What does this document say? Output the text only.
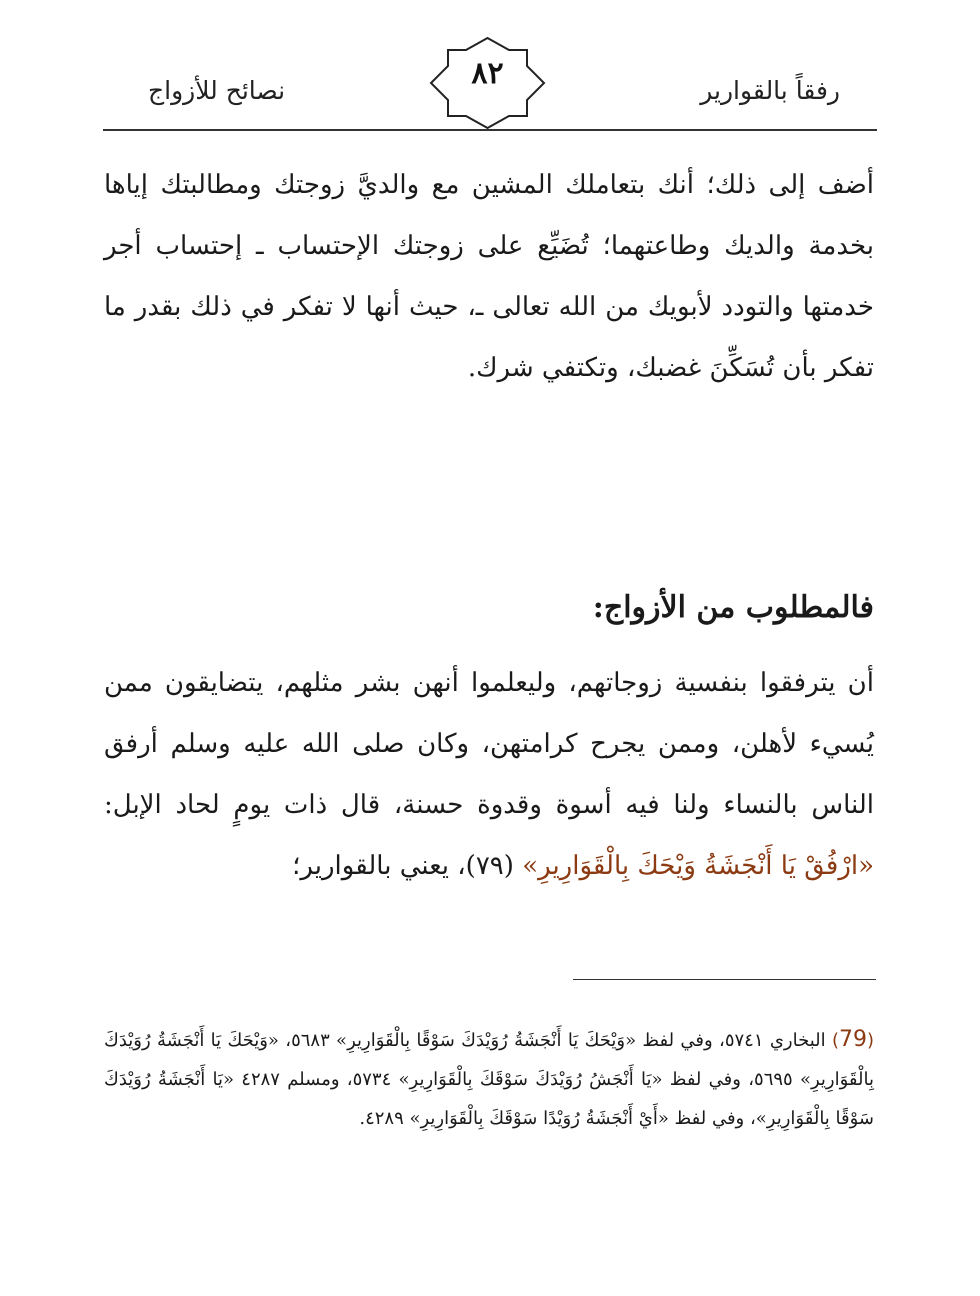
رفقاً بالقوارير
٨٢
نصائح للأزواج

أضف إلى ذلك؛ أنك بتعاملك المشين مع والديَّ زوجتك ومطالبتك إياها بخدمة والديك وطاعتهما؛ تُضَيِّع على زوجتك الإحتساب ـ إحتساب أجر خدمتها والتودد لأبويك من الله تعالى ـ، حيث أنها لا تفكر في ذلك بقدر ما تفكر بأن تُسَكِّنَ غضبك، وتكتفي شرك.

فالمطلوب من الأزواج:

أن يترفقوا بنفسية زوجاتهم، وليعلموا أنهن بشر مثلهم، يتضايقون ممن يُسيء لأهلن، وممن يجرح كرامتهن، وكان صلى الله عليه وسلم أرفق الناس بالنساء ولنا فيه أسوة وقدوة حسنة، قال ذات يومٍ لحاد الإبل: «ارْفُقْ يَا أَنْجَشَةُ وَيْحَكَ بِالْقَوَارِيرِ» (٧٩)، يعني بالقوارير؛

(79) البخاري ٥٧٤١، وفي لفظ «وَيْحَكَ يَا أَنْجَشَةُ رُوَيْدَكَ سَوْقًا بِالْقَوَارِيرِ» ٥٦٨٣، «وَيْحَكَ يَا أَنْجَشَةُ رُوَيْدَكَ بِالْقَوَارِيرِ» ٥٦٩٥، وفي لفظ «يَا أَنْجَشُ رُوَيْدَكَ سَوْقَكَ بِالْقَوَارِيرِ» ٥٧٣٤، ومسلم ٤٢٨٧ «يَا أَنْجَشَةُ رُوَيْدَكَ سَوْقًا بِالْقَوَارِيرِ»، وفي لفظ «أَيْ أَنْجَشَةُ رُوَيْدًا سَوْقَكَ بِالْقَوَارِيرِ» ٤٢٨٩.
